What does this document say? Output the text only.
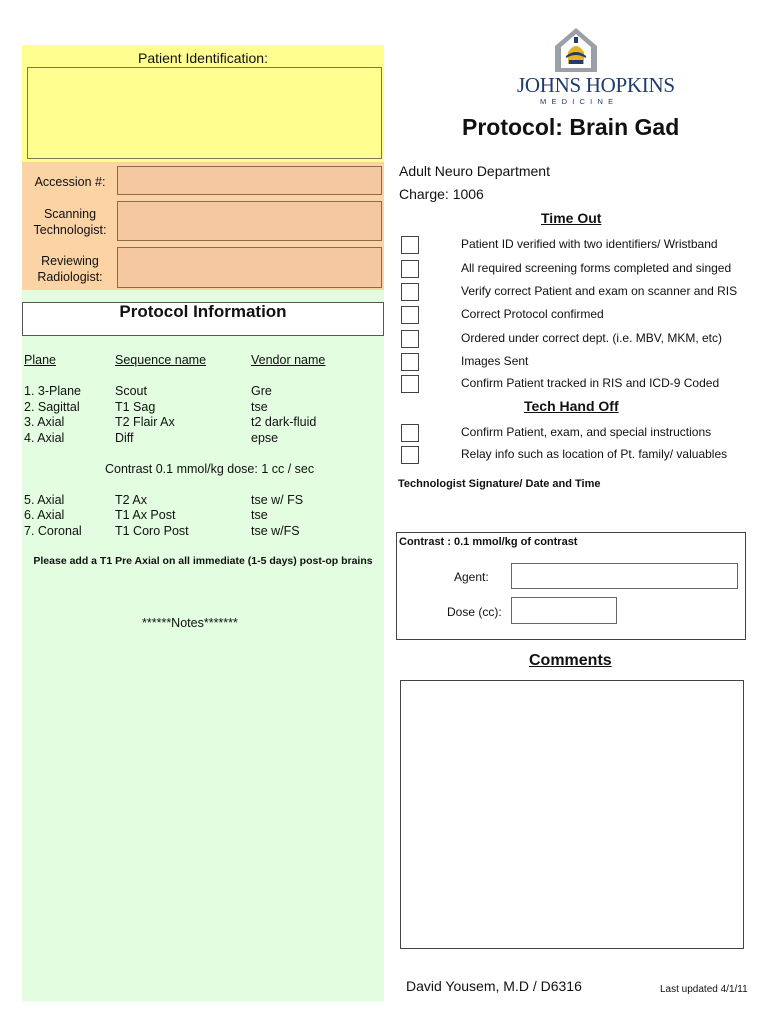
Patient Identification:
Accession #:
Scanning
Technologist:
Reviewing
Radiologist:
Protocol Information
Plane	Sequence name	Vendor name
1. 3-Plane	Scout	Gre
2. Sagittal	T1 Sag	tse
3. Axial	T2 Flair Ax	t2 dark-fluid
4. Axial	Diff	epse
Contrast 0.1 mmol/kg dose: 1 cc / sec
5. Axial	T2 Ax	tse w/ FS
6. Axial	T1 Ax Post	tse
7. Coronal	T1 Coro Post	tse w/FS
Please add a T1 Pre Axial on all immediate (1-5 days) post-op brains
******Notes*******
JOHNS HOPKINS
MEDICINE
Protocol: Brain Gad
Adult Neuro Department
Charge: 1006
Time Out
Patient ID verified with two identifiers/ Wristband
All required screening forms completed and singed
Verify correct Patient and exam on scanner and RIS
Correct Protocol confirmed
Ordered under correct dept. (i.e. MBV, MKM, etc)
Images Sent
Confirm Patient tracked in RIS and ICD-9 Coded
Tech Hand Off
Confirm Patient, exam, and special instructions
Relay info such as location of Pt. family/ valuables
Technologist Signature/ Date and Time
Contrast : 0.1 mmol/kg of contrast
Agent:
Dose (cc):
Comments
David Yousem, M.D / D6316	Last updated 4/1/11
